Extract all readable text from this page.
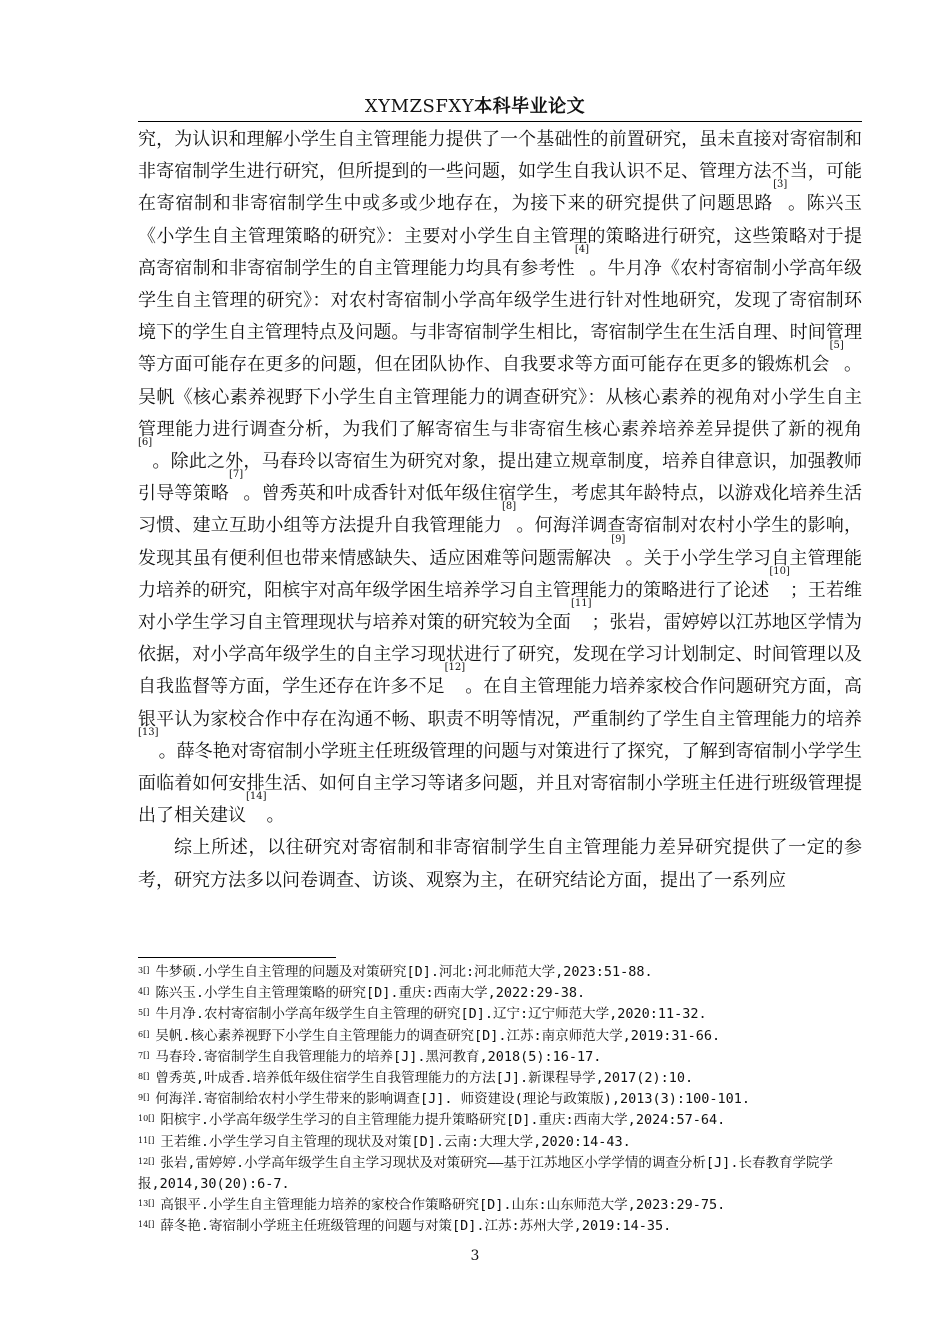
XYMZSFXY本科毕业论文

究，为认识和理解小学生自主管理能力提供了一个基础性的前置研究，虽未直接对寄宿制和非寄宿制学生进行研究，但所提到的一些问题，如学生自我认识不足、管理方法不当，可能在寄宿制和非寄宿制学生中或多或少地存在，为接下来的研究提供了问题思路[3]。陈兴玉《小学生自主管理策略的研究》：主要对小学生自主管理的策略进行研究，这些策略对于提高寄宿制和非寄宿制学生的自主管理能力均具有参考性[4]。牛月净《农村寄宿制小学高年级学生自主管理的研究》：对农村寄宿制小学高年级学生进行针对性地研究，发现了寄宿制环境下的学生自主管理特点及问题。与非寄宿制学生相比，寄宿制学生在生活自理、时间管理等方面可能存在更多的问题，但在团队协作、自我要求等方面可能存在更多的锻炼机会[5]。吴帆《核心素养视野下小学生自主管理能力的调查研究》：从核心素养的视角对小学生自主管理能力进行调查分析，为我们了解寄宿生与非寄宿生核心素养培养差异提供了新的视角[6]。除此之外，马春玲以寄宿生为研究对象，提出建立规章制度，培养自律意识，加强教师引导等策略[7]。曾秀英和叶成香针对低年级住宿学生，考虑其年龄特点，以游戏化培养生活习惯、建立互助小组等方法提升自我管理能力[8]。何海洋调查寄宿制对农村小学生的影响，发现其虽有便利但也带来情感缺失、适应困难等问题需解决[9]。关于小学生学习自主管理能力培养的研究，阳槟宇对高年级学困生培养学习自主管理能力的策略进行了论述[10]；王若维对小学生学习自主管理现状与培养对策的研究较为全面[11]；张岩，雷婷婷以江苏地区学情为依据，对小学高年级学生的自主学习现状进行了研究，发现在学习计划制定、时间管理以及自我监督等方面，学生还存在许多不足[12]。在自主管理能力培养家校合作问题研究方面，高银平认为家校合作中存在沟通不畅、职责不明等情况，严重制约了学生自主管理能力的培养[13]。薛冬艳对寄宿制小学班主任班级管理的问题与对策进行了探究，了解到寄宿制小学学生面临着如何安排生活、如何自主学习等诸多问题，并且对寄宿制小学班主任进行班级管理提出了相关建议[14]。

综上所述，以往研究对寄宿制和非寄宿制学生自主管理能力差异研究提供了一定的参考，研究方法多以问卷调查、访谈、观察为主，在研究结论方面，提出了一系列应

$^{3[]}$ 牛梦硕.小学生自主管理的问题及对策研究[D].河北:河北师范大学,2023:51-88.
$^{4[]}$ 陈兴玉.小学生自主管理策略的研究[D].重庆:西南大学,2022:29-38.
$^{5[]}$ 牛月净.农村寄宿制小学高年级学生自主管理的研究[D].辽宁:辽宁师范大学,2020:11-32.
$^{6[]}$ 吴帆.核心素养视野下小学生自主管理能力的调查研究[D].江苏:南京师范大学,2019:31-66.
$^{7[]}$ 马春玲.寄宿制学生自我管理能力的培养[J].黑河教育,2018(5):16-17.
$^{8[]}$ 曾秀英,叶成香.培养低年级住宿学生自我管理能力的方法[J].新课程导学,2017(2):10.
$^{9[]}$ 何海洋.寄宿制给农村小学生带来的影响调查[J]. 师资建设(理论与政策版),2013(3):100-101.
$^{10[]}$ 阳槟宇.小学高年级学生学习的自主管理能力提升策略研究[D].重庆:西南大学,2024:57-64.
$^{11[]}$ 王若维.小学生学习自主管理的现状及对策[D].云南:大理大学,2020:14-43.
$^{12[]}$ 张岩,雷婷婷.小学高年级学生自主学习现状及对策研究——基于江苏地区小学学情的调查分析[J].长春教育学院学报,2014,30(20):6-7.
$^{13[]}$ 高银平.小学生自主管理能力培养的家校合作策略研究[D].山东:山东师范大学,2023:29-75.
$^{14[]}$ 薛冬艳.寄宿制小学班主任班级管理的问题与对策[D].江苏:苏州大学,2019:14-35.
3
